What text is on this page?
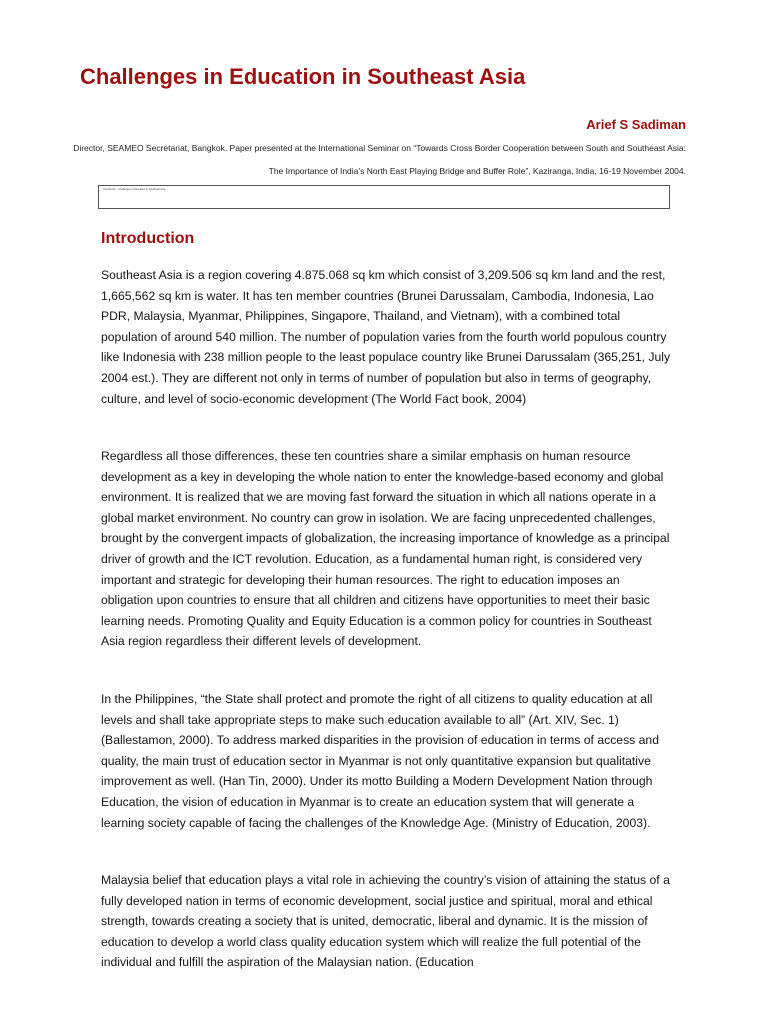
Challenges in Education in Southeast Asia
Arief S Sadiman
Director, SEAMEO Secretariat, Bangkok. Paper presented at the International Seminar on “Towards Cross Border Cooperation between South and Southeast Asia: The Importance of India’s North East Playing Bridge and Buffer Role”, Kaziranga, India, 16-19 November 2004.
Introduction · Challenges in Education in Southeast Asia
Introduction

Southeast Asia is a region covering 4.875.068 sq km which consist of 3,209.506 sq km land and the rest, 1,665,562 sq km is water. It has ten member countries (Brunei Darussalam, Cambodia, Indonesia, Lao PDR, Malaysia, Myanmar, Philippines, Singapore, Thailand, and Vietnam), with a combined total population of around 540 million. The number of population varies from the fourth world populous country like Indonesia with 238 million people to the least populace country like Brunei Darussalam (365,251, July 2004 est.). They are different not only in terms of number of population but also in terms of geography, culture, and level of socio-economic development (The World Fact book, 2004)

Regardless all those differences, these ten countries share a similar emphasis on human resource development as a key in developing the whole nation to enter the knowledge-based economy and global environment. It is realized that we are moving fast forward the situation in which all nations operate in a global market environment. No country can grow in isolation. We are facing unprecedented challenges, brought by the convergent impacts of globalization, the increasing importance of knowledge as a principal driver of growth and the ICT revolution. Education, as a fundamental human right, is considered very important and strategic for developing their human resources. The right to education imposes an obligation upon countries to ensure that all children and citizens have opportunities to meet their basic learning needs. Promoting Quality and Equity Education is a common policy for countries in Southeast Asia region regardless their different levels of development.

In the Philippines, “the State shall protect and promote the right of all citizens to quality education at all levels and shall take appropriate steps to make such education available to all” (Art. XIV, Sec. 1) (Ballestamon, 2000). To address marked disparities in the provision of education in terms of access and quality, the main trust of education sector in Myanmar is not only quantitative expansion but qualitative improvement as well. (Han Tin, 2000). Under its motto Building a Modern Development Nation through Education, the vision of education in Myanmar is to create an education system that will generate a learning society capable of facing the challenges of the Knowledge Age. (Ministry of Education, 2003).

Malaysia belief that education plays a vital role in achieving the country’s vision of attaining the status of a fully developed nation in terms of economic development, social justice and spiritual, moral and ethical strength, towards creating a society that is united, democratic, liberal and dynamic. It is the mission of education to develop a world class quality education system which will realize the full potential of the individual and fulfill the aspiration of the Malaysian nation. (Education
